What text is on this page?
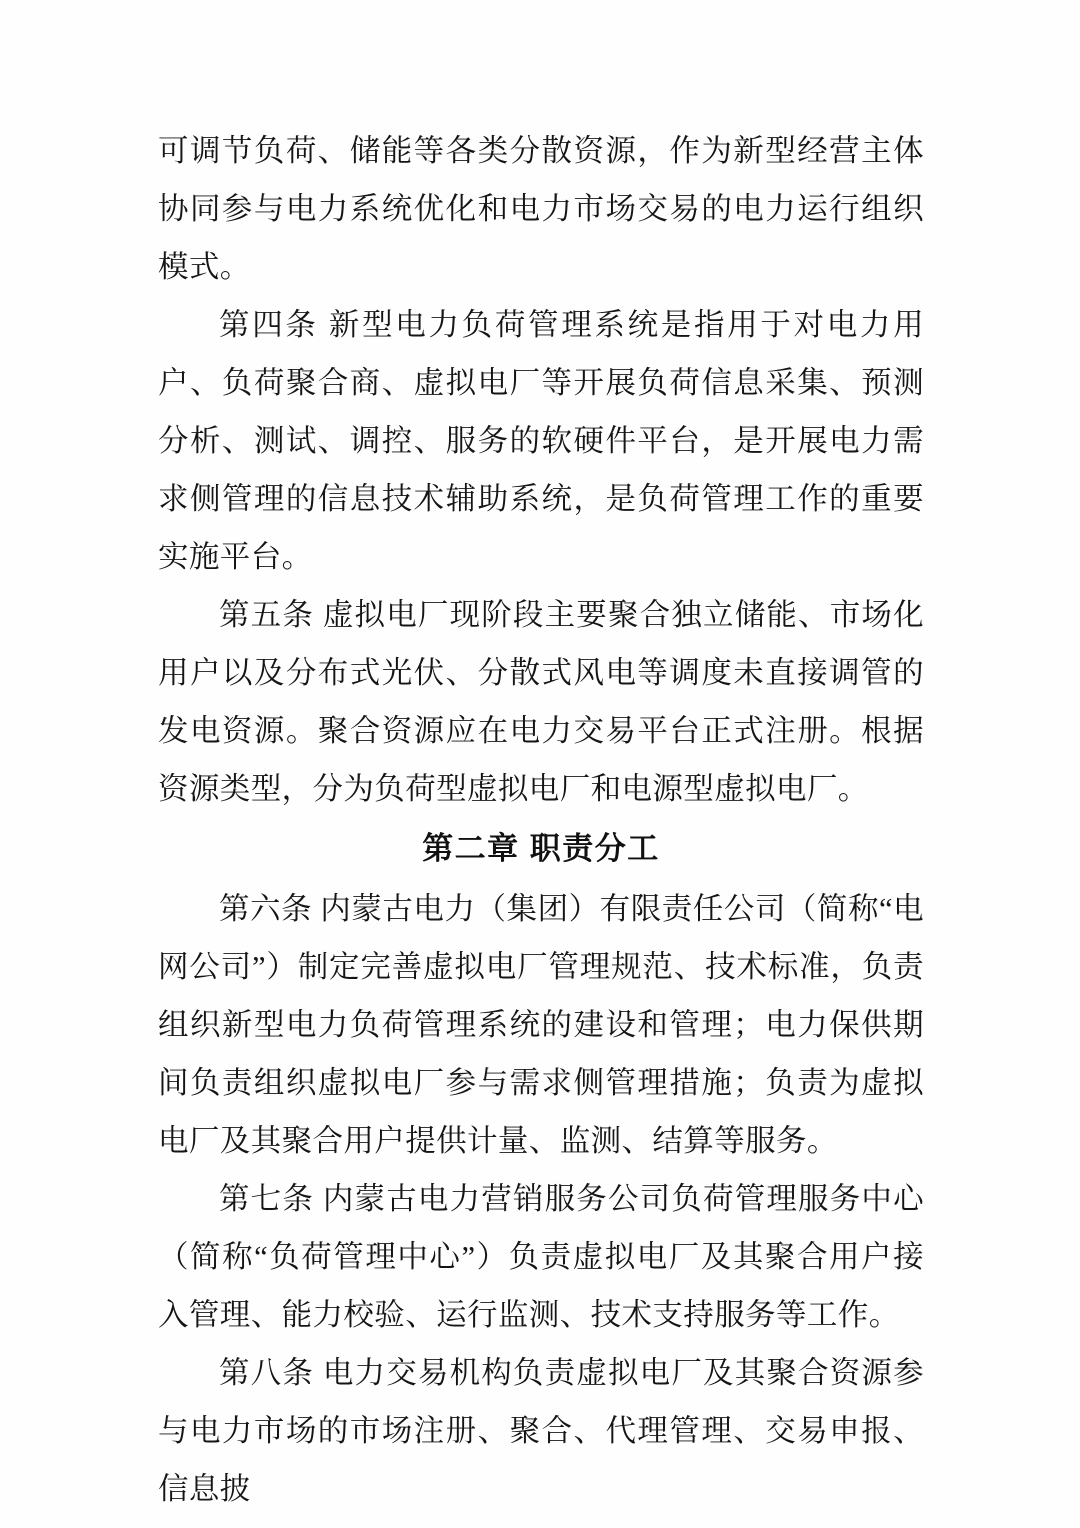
可调节负荷、储能等各类分散资源，作为新型经营主体协同参与电力系统优化和电力市场交易的电力运行组织模式。

第四条 新型电力负荷管理系统是指用于对电力用户、负荷聚合商、虚拟电厂等开展负荷信息采集、预测分析、测试、调控、服务的软硬件平台，是开展电力需求侧管理的信息技术辅助系统，是负荷管理工作的重要实施平台。

第五条 虚拟电厂现阶段主要聚合独立储能、市场化用户以及分布式光伏、分散式风电等调度未直接调管的发电资源。聚合资源应在电力交易平台正式注册。根据资源类型，分为负荷型虚拟电厂和电源型虚拟电厂。

第二章 职责分工

第六条 内蒙古电力（集团）有限责任公司（简称“电网公司”）制定完善虚拟电厂管理规范、技术标准，负责组织新型电力负荷管理系统的建设和管理；电力保供期间负责组织虚拟电厂参与需求侧管理措施；负责为虚拟电厂及其聚合用户提供计量、监测、结算等服务。

第七条 内蒙古电力营销服务公司负荷管理服务中心（简称“负荷管理中心”）负责虚拟电厂及其聚合用户接入管理、能力校验、运行监测、技术支持服务等工作。

第八条 电力交易机构负责虚拟电厂及其聚合资源参与电力市场的市场注册、聚合、代理管理、交易申报、信息披
